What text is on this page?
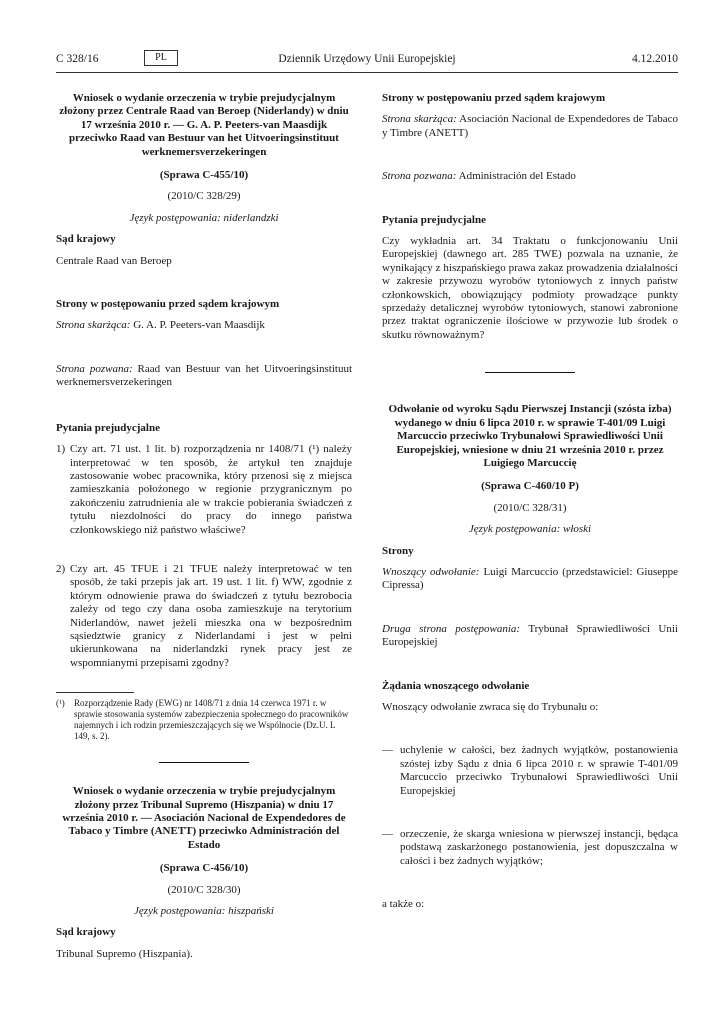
C 328/16	PL	Dziennik Urzędowy Unii Europejskiej	4.12.2010

Wniosek o wydanie orzeczenia w trybie prejudycjalnym złożony przez Centrale Raad van Beroep (Niderlandy) w dniu 17 września 2010 r. — G. A. P. Peeters-van Maasdijk przeciwko Raad van Bestuur van het Uitvoeringsinstituut werknemersverzekeringen

(Sprawa C-455/10)

(2010/C 328/29)

Język postępowania: niderlandzki

Sąd krajowy

Centrale Raad van Beroep

Strony w postępowaniu przed sądem krajowym

Strona skarżąca: G. A. P. Peeters-van Maasdijk

Strona pozwana: Raad van Bestuur van het Uitvoeringsinstituut werknemersverzekeringen

Pytania prejudycjalne

1) Czy art. 71 ust. 1 lit. b) rozporządzenia nr 1408/71 (¹) należy interpretować w ten sposób, że artykuł ten znajduje zastosowanie wobec pracownika, który przenosi się z miejsca zamieszkania położonego w regionie przygranicznym po zakończeniu zatrudnienia ale w trakcie pobierania świadczeń z tytułu niezdolności do pracy do innego państwa członkowskiego niż państwo właściwe?
2) Czy art. 45 TFUE i 21 TFUE należy interpretować w ten sposób, że taki przepis jak art. 19 ust. 1 lit. f) WW, zgodnie z którym odnowienie prawa do świadczeń z tytułu bezrobocia zależy od tego czy dana osoba zamieszkuje na terytorium Niderlandów, nawet jeżeli mieszka ona w bezpośrednim sąsiedztwie granicy z Niderlandami i jest w pełni ukierunkowana na niderlandzki rynek pracy jest ze wspomnianymi przepisami zgodny?
(¹)	Rozporządzenie Rady (EWG) nr 1408/71 z dnia 14 czerwca 1971 r. w sprawie stosowania systemów zabezpieczenia społecznego do pracowników najemnych i ich rodzin przemieszczających się we Wspólnocie (Dz.U. L 149, s. 2).

Wniosek o wydanie orzeczenia w trybie prejudycjalnym złożony przez Tribunal Supremo (Hiszpania) w dniu 17 września 2010 r. — Asociación Nacional de Expendedores de Tabaco y Timbre (ANETT) przeciwko Administración del Estado

(Sprawa C-456/10)

(2010/C 328/30)

Język postępowania: hiszpański

Sąd krajowy

Tribunal Supremo (Hiszpania).

Strony w postępowaniu przed sądem krajowym

Strona skarżąca: Asociación Nacional de Expendedores de Tabaco y Timbre (ANETT)

Strona pozwana: Administración del Estado

Pytania prejudycjalne

Czy wykładnia art. 34 Traktatu o funkcjonowaniu Unii Europejskiej (dawnego art. 285 TWE) pozwala na uznanie, że wynikający z hiszpańskiego prawa zakaz prowadzenia działalności w zakresie przywozu wyrobów tytoniowych z innych państw członkowskich, obowiązujący podmioty prowadzące punkty sprzedaży detalicznej wyrobów tytoniowych, stanowi zabronione przez traktat ograniczenie ilościowe w przywozie lub środek o skutku równoważnym?

Odwołanie od wyroku Sądu Pierwszej Instancji (szósta izba) wydanego w dniu 6 lipca 2010 r. w sprawie T-401/09 Luigi Marcuccio przeciwko Trybunałowi Sprawiedliwości Unii Europejskiej, wniesione w dniu 21 września 2010 r. przez Luigiego Marcuccię

(Sprawa C-460/10 P)

(2010/C 328/31)

Język postępowania: włoski

Strony

Wnoszący odwołanie: Luigi Marcuccio (przedstawiciel: Giuseppe Cipressa)

Druga strona postępowania: Trybunał Sprawiedliwości Unii Europejskiej

Żądania wnoszącego odwołanie

Wnoszący odwołanie zwraca się do Trybunału o:

— uchylenie w całości, bez żadnych wyjątków, postanowienia szóstej izby Sądu z dnia 6 lipca 2010 r. w sprawie T-401/09 Marcuccio przeciwko Trybunałowi Sprawiedliwości Unii Europejskiej
— orzeczenie, że skarga wniesiona w pierwszej instancji, będąca podstawą zaskarżonego postanowienia, jest dopuszczalna w całości i bez żadnych wyjątków;

a także o:
